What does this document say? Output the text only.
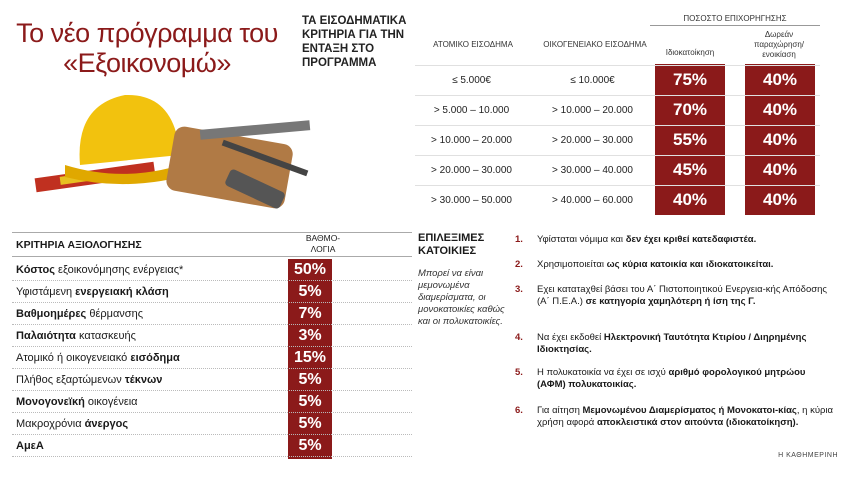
Το νέο πρόγραμμα του «Εξοικονομώ»
ΤΑ ΕΙΣΟΔΗΜΑΤΙΚΑ ΚΡΙΤΗΡΙΑ ΓΙΑ ΤΗΝ ΕΝΤΑΞΗ ΣΤΟ ΠΡΟΓΡΑΜΜΑ
ΠΟΣΟΣΤΟ ΕΠΙΧΟΡΗΓΗΣΗΣ
ΑΤΟΜΙΚΟ ΕΙΣΟΔΗΜΑ	ΟΙΚΟΓΕΝΕΙΑΚΟ ΕΙΣΟΔΗΜΑ
Ιδιοκατοίκηση
Δωρεάν παραχώρηση/ ενοικίαση
≤ 5.000€	≤ 10.000€	75%	40%
> 5.000 – 10.000	> 10.000 – 20.000	70%	40%
> 10.000 – 20.000	> 20.000 – 30.000	55%	40%
> 20.000 – 30.000	> 30.000 – 40.000	45%	40%
> 30.000 – 50.000	> 40.000 – 60.000	40%	40%
ΚΡΙΤΗΡΙΑ ΑΞΙΟΛΟΓΗΣΗΣ
ΒΑΘΜΟ- ΛΟΓΙΑ
Κόστος εξοικονόμησης ενέργειας*	50%
Υφιστάμενη ενεργειακή κλάση	5%
Βαθμοημέρες θέρμανσης	7%
Παλαιότητα κατασκευής	3%
Ατομικό ή οικογενειακό εισόδημα	15%
Πλήθος εξαρτώμενων τέκνων	5%
Μονογονεϊκή οικογένεια	5%
Μακροχρόνια άνεργος	5%
ΑμεΑ	5%
ΕΠΙΛΕΞΙΜΕΣ
ΚΑΤΟΙΚΙΕΣ
Μπορεί να είναι μεμονωμένα διαμερίσματα, οι μονοκατοικίες καθώς και οι πολυκατοικίες.
1. Υφίσταται νόμιμα και δεν έχει κριθεί κατεδαφιστέα.
2. Χρησιμοποιείται ως κύρια κατοικία και ιδιοκατοικείται.
3. Εχει κατατaχθεί βάσει του Α΄ Πιστοποιητικού Ενεργεια-κής Απόδοσης (Α΄ Π.Ε.Α.) σε κατηγορία χαμηλότερη ή ίση της Γ.
4. Να έχει εκδοθεί Ηλεκτρονική Ταυτότητα Κτιρίου / Διηρημένης Ιδιοκτησίας.
5. Η πολυκατοικία να έχει σε ισχύ αριθμό φορολογικού μητρώου (ΑΦΜ) πολυκατοικίας.
6. Για αίτηση Μεμονωμένου Διαμερίσματος ή Μονοκατοι-κίας, η κύρια χρήση αφορά αποκλειστικά στον αιτούντα (ιδιοκατοίκηση).
Η ΚΑΘΗΜΕΡΙΝΗ
